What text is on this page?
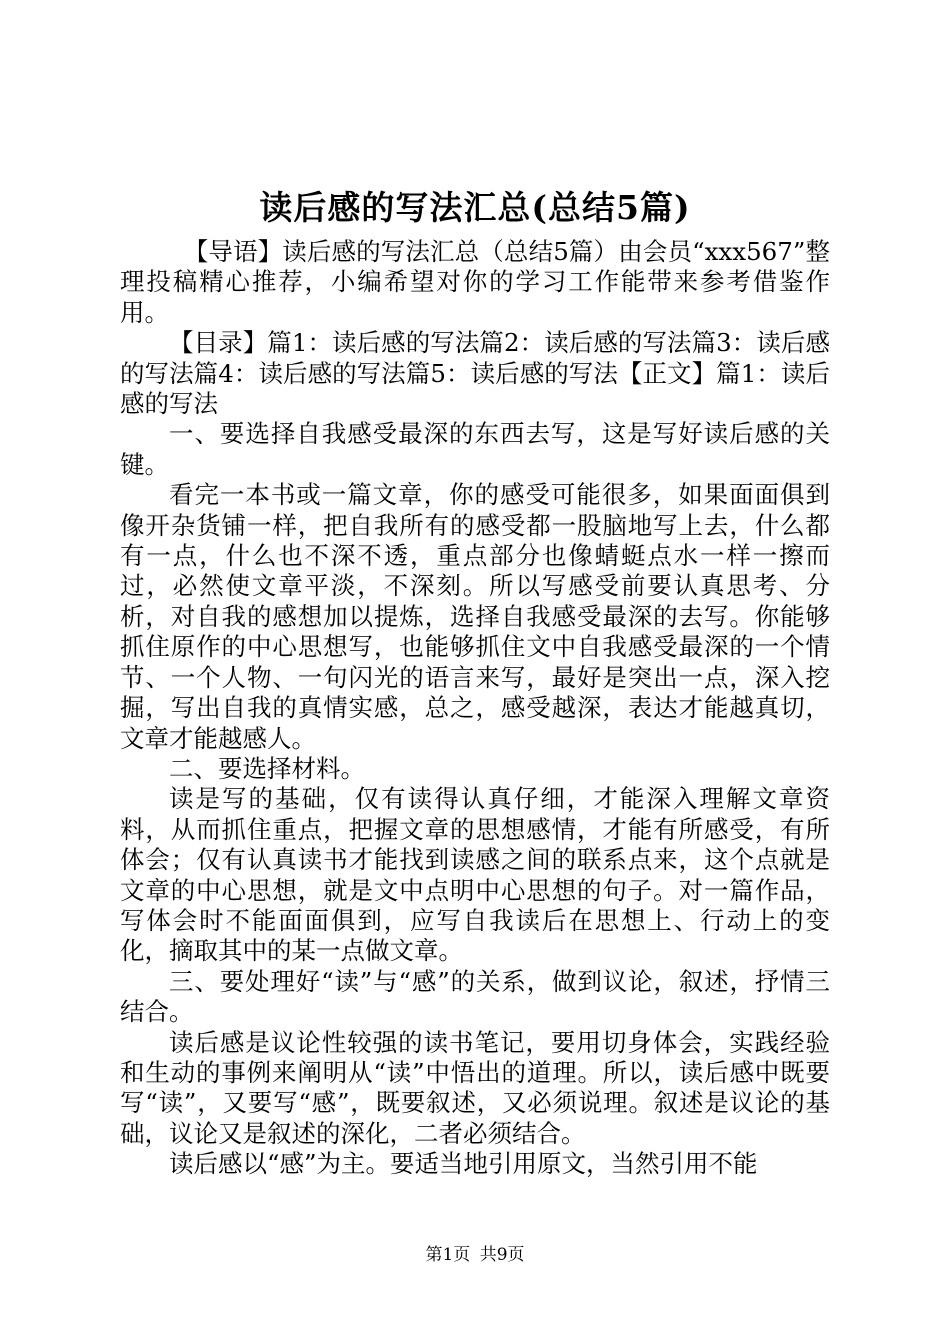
读后感的写法汇总(总结5篇)

【导语】读后感的写法汇总（总结5篇）由会员“xxx567”整理投稿精心推荐，小编希望对你的学习工作能带来参考借鉴作用。

【目录】篇1：读后感的写法篇2：读后感的写法篇3：读后感的写法篇4：读后感的写法篇5：读后感的写法【正文】篇1：读后感的写法

一、要选择自我感受最深的东西去写，这是写好读后感的关键。

看完一本书或一篇文章，你的感受可能很多，如果面面俱到像开杂货铺一样，把自我所有的感受都一股脑地写上去，什么都有一点，什么也不深不透，重点部分也像蜻蜓点水一样一擦而过，必然使文章平淡，不深刻。所以写感受前要认真思考、分析，对自我的感想加以提炼，选择自我感受最深的去写。你能够抓住原作的中心思想写，也能够抓住文中自我感受最深的一个情节、一个人物、一句闪光的语言来写，最好是突出一点，深入挖掘，写出自我的真情实感，总之，感受越深，表达才能越真切，文章才能越感人。

二、要选择材料。

读是写的基础，仅有读得认真仔细，才能深入理解文章资料，从而抓住重点，把握文章的思想感情，才能有所感受，有所体会；仅有认真读书才能找到读感之间的联系点来，这个点就是文章的中心思想，就是文中点明中心思想的句子。对一篇作品，写体会时不能面面俱到，应写自我读后在思想上、行动上的变化，摘取其中的某一点做文章。

三、要处理好“读”与“感”的关系，做到议论，叙述，抒情三结合。

读后感是议论性较强的读书笔记，要用切身体会，实践经验和生动的事例来阐明从“读”中悟出的道理。所以，读后感中既要写“读”，又要写“感”，既要叙述，又必须说理。叙述是议论的基础，议论又是叙述的深化，二者必须结合。

读后感以“感”为主。要适当地引用原文，当然引用不能

第1页 共9页
